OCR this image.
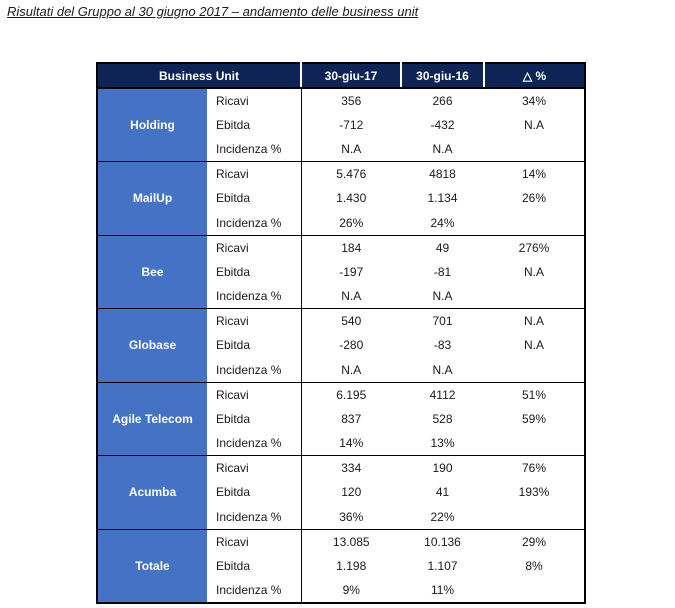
Risultati del Gruppo al 30 giugno 2017 – andamento delle business unit
Business Unit		30-giu-17	30-giu-16	△ %
Holding	Ricavi	356	266	34%
	Ebitda	-712	-432	N.A
	Incidenza %	N.A	N.A	
MailUp	Ricavi	5.476	4818	14%
	Ebitda	1.430	1.134	26%
	Incidenza %	26%	24%	
Bee	Ricavi	184	49	276%
	Ebitda	-197	-81	N.A
	Incidenza %	N.A	N.A	
Globase	Ricavi	540	701	N.A
	Ebitda	-280	-83	N.A
	Incidenza %	N.A	N.A	
Agile Telecom	Ricavi	6.195	4112	51%
	Ebitda	837	528	59%
	Incidenza %	14%	13%	
Acumba	Ricavi	334	190	76%
	Ebitda	120	41	193%
	Incidenza %	36%	22%	
Totale	Ricavi	13.085	10.136	29%
	Ebitda	1.198	1.107	8%
	Incidenza %	9%	11%	
